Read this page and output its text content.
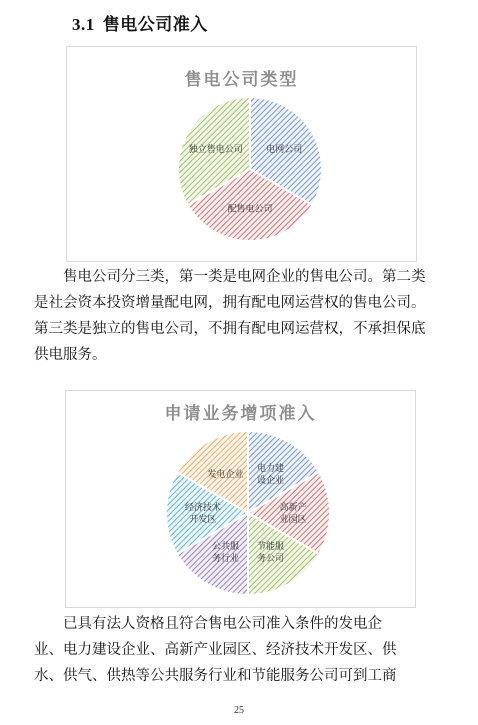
3.1 售电公司准入
售电公司类型
电网公司
配售电公司
独立售电公司
售电公司分三类，第一类是电网企业的售电公司。第二类
是社会资本投资增量配电网，拥有配电网运营权的售电公司。
第三类是独立的售电公司，不拥有配电网运营权，不承担保底
供电服务。
申请业务增项准入
电力建设企业
高新产业园区
节能服务公司
公共服务行业
经济技术开发区
发电企业
已具有法人资格且符合售电公司准入条件的发电企
业、电力建设企业、高新产业园区、经济技术开发区、供
水、供气、供热等公共服务行业和节能服务公司可到工商
25
